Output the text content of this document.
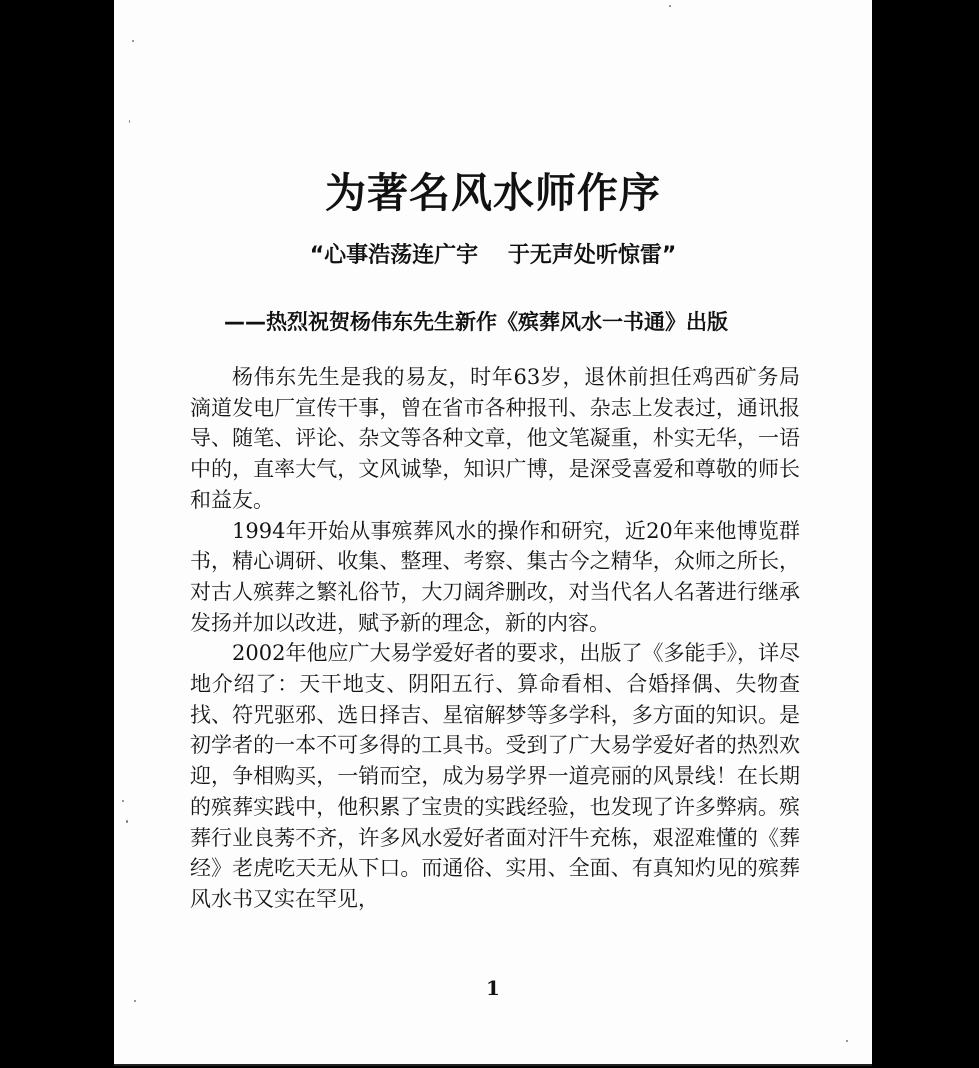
为著名风水师作序
“心事浩荡连广宇　 于无声处听惊雷”
——热烈祝贺杨伟东先生新作《殡葬风水一书通》出版

杨伟东先生是我的易友，时年63岁，退休前担任鸡西矿务局滴道发电厂宣传干事，曾在省市各种报刊、杂志上发表过，通讯报导、随笔、评论、杂文等各种文章，他文笔凝重，朴实无华，一语中的，直率大气，文风诚挚，知识广博，是深受喜爱和尊敬的师长和益友。

1994年开始从事殡葬风水的操作和研究，近20年来他博览群书，精心调研、收集、整理、考察、集古今之精华，众师之所长，对古人殡葬之繁礼俗节，大刀阔斧删改，对当代名人名著进行继承发扬并加以改进，赋予新的理念，新的内容。

2002年他应广大易学爱好者的要求，出版了《多能手》，详尽地介绍了：天干地支、阴阳五行、算命看相、合婚择偶、失物查找、符咒驱邪、选日择吉、星宿解梦等多学科，多方面的知识。是初学者的一本不可多得的工具书。受到了广大易学爱好者的热烈欢迎，争相购买，一销而空，成为易学界一道亮丽的风景线！在长期的殡葬实践中，他积累了宝贵的实践经验，也发现了许多弊病。殡葬行业良莠不齐，许多风水爱好者面对汗牛充栋，艰涩难懂的《葬经》老虎吃天无从下口。而通俗、实用、全面、有真知灼见的殡葬风水书又实在罕见，

1
